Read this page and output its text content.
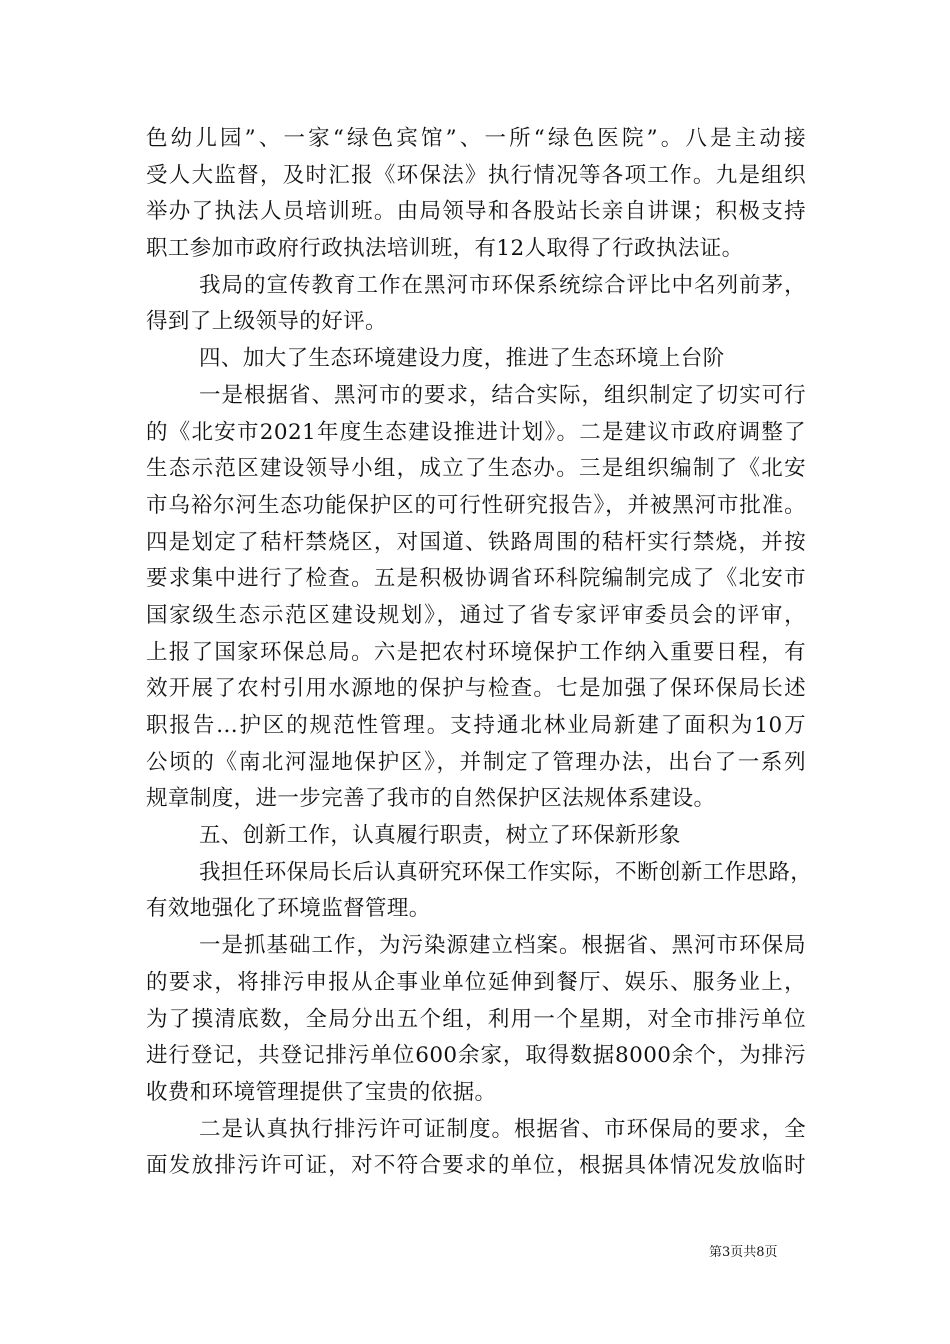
色幼儿园”、一家“绿色宾馆”、一所“绿色医院”。八是主动接
受人大监督，及时汇报《环保法》执行情况等各项工作。九是组织
举办了执法人员培训班。由局领导和各股站长亲自讲课；积极支持
职工参加市政府行政执法培训班，有12人取得了行政执法证。
我局的宣传教育工作在黑河市环保系统综合评比中名列前茅，
得到了上级领导的好评。
四、加大了生态环境建设力度，推进了生态环境上台阶
一是根据省、黑河市的要求，结合实际，组织制定了切实可行
的《北安市2021年度生态建设推进计划》。二是建议市政府调整了
生态示范区建设领导小组，成立了生态办。三是组织编制了《北安
市乌裕尔河生态功能保护区的可行性研究报告》，并被黑河市批准。
四是划定了秸杆禁烧区，对国道、铁路周围的秸杆实行禁烧，并按
要求集中进行了检查。五是积极协调省环科院编制完成了《北安市
国家级生态示范区建设规划》，通过了省专家评审委员会的评审，
上报了国家环保总局。六是把农村环境保护工作纳入重要日程，有
效开展了农村引用水源地的保护与检查。七是加强了保环保局长述
职报告...护区的规范性管理。支持通北林业局新建了面积为10万
公顷的《南北河湿地保护区》，并制定了管理办法，出台了一系列
规章制度，进一步完善了我市的自然保护区法规体系建设。
五、创新工作，认真履行职责，树立了环保新形象
我担任环保局长后认真研究环保工作实际，不断创新工作思路，
有效地强化了环境监督管理。
一是抓基础工作，为污染源建立档案。根据省、黑河市环保局
的要求，将排污申报从企事业单位延伸到餐厅、娱乐、服务业上，
为了摸清底数，全局分出五个组，利用一个星期，对全市排污单位
进行登记，共登记排污单位600余家，取得数据8000余个，为排污
收费和环境管理提供了宝贵的依据。
二是认真执行排污许可证制度。根据省、市环保局的要求，全
面发放排污许可证，对不符合要求的单位，根据具体情况发放临时
第3页共8页
